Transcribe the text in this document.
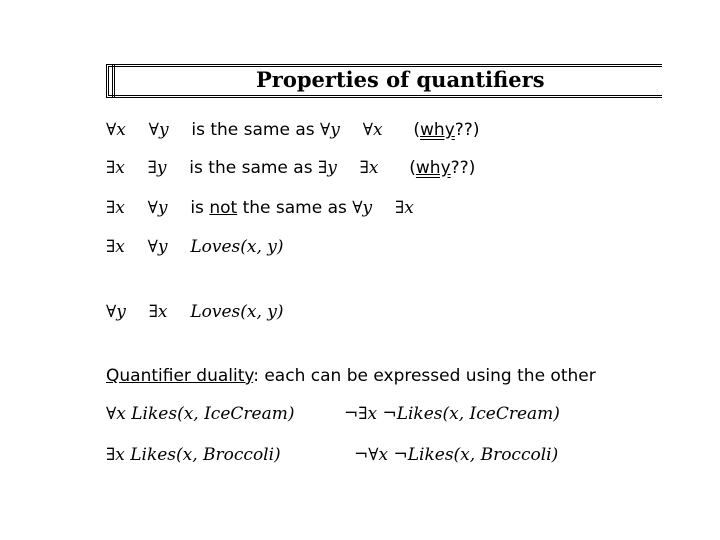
Properties of quantifiers
∀x ∀y is the same as ∀y ∀x (why??)
∃x ∃y is the same as ∃y ∃x (why??)
∃x ∀y is not the same as ∀y ∃x
∃x ∀y Loves(x, y)
∀y ∃x Loves(x, y)
Quantifier duality: each can be expressed using the other
∀x Likes(x, IceCream)	¬∃x ¬Likes(x, IceCream)
∃x Likes(x, Broccoli)	¬∀x ¬Likes(x, Broccoli)
